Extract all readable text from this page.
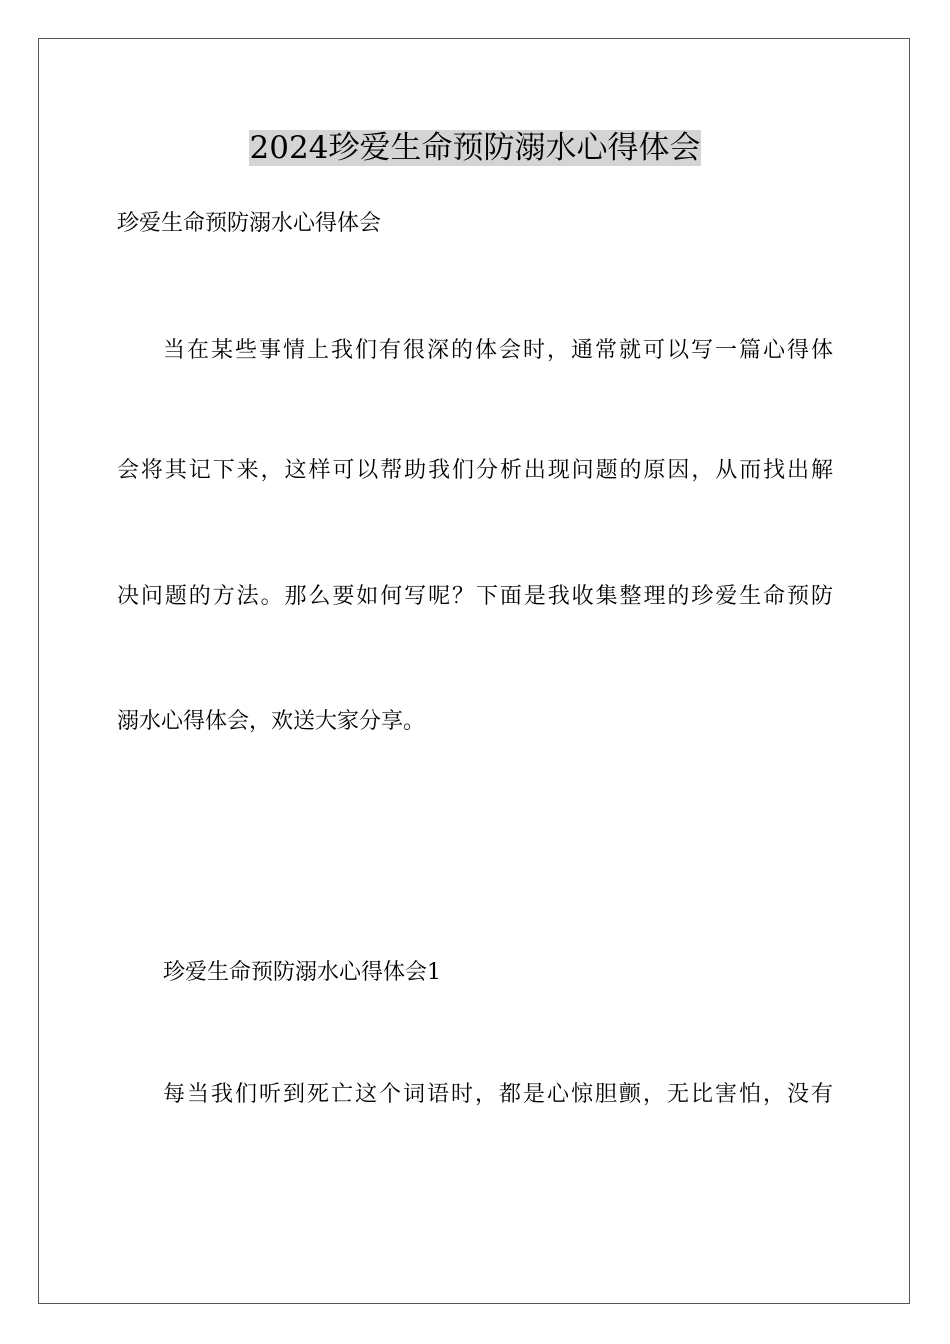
2024珍爱生命预防溺水心得体会

珍爱生命预防溺水心得体会

当在某些事情上我们有很深的体会时，通常就可以写一篇心得体

会将其记下来，这样可以帮助我们分析出现问题的原因，从而找出解

决问题的方法。那么要如何写呢？下面是我收集整理的珍爱生命预防

溺水心得体会，欢送大家分享。

珍爱生命预防溺水心得体会1

每当我们听到死亡这个词语时，都是心惊胆颤，无比害怕，没有
